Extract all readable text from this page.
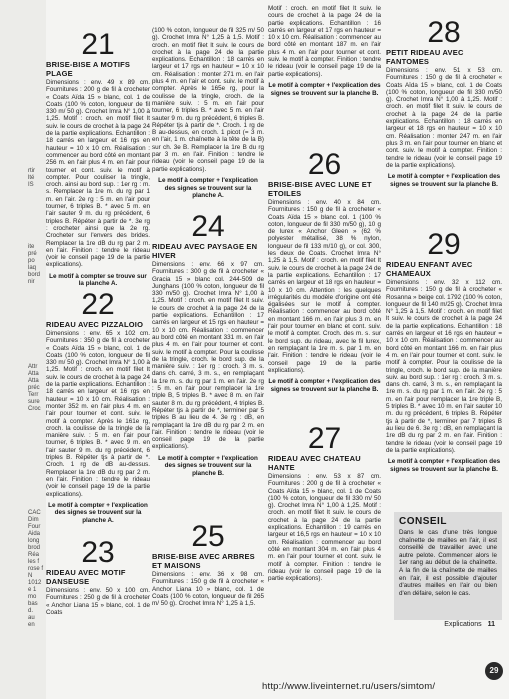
rtir
lté
IS
ite
pré
po
laq
bord
nir
Attr
Atta
Atta
préc
Terr
sure
Croc
CAC
Dim
Four
Aida
long
brod
Réa
les f
rose f
N
1012
e 1
mo
bas
d.
au
en
21
BRISE-BISE A MOTIFS PLAGE

Dimensions : env. 49 x 89 cm. Fournitures : 200 g de fil à crocheter « Coats Aïda 15 » blanc, col. 1 de Coats (100 % coton, longueur de fil 330 m/ 50 g). Crochet Imra N° 1,00 à 1,25. Motif : croch. en motif filet lt suiv. le cours de crochet à la page 24 de la partie explications. Echantillon : 18 carrés en largeur et 16 rgs en hauteur = 10 x 10 cm. Réalisation : commencer au bord côté en montant 256 m. en l'air plus 4 m. en l'air pour tourner et cont. suiv. le motif à compter. Pour couliser la tringle, croch. ainsi au bord sup. : 1er rg : m. s. Remplacer la 1re m. du rg par 1 m. en l'air. 2e rg : 5 m. en l'air pour tourner, 6 triples B. * avec 5 m. en l'air sauter 9 m. du rg précédent, 6 triples B. Répéter à partir de *. 3e rg : crocheter ainsi que la 2e rg. Crocheter sur l'envers des brides. Remplacer la 1re dB du rg par 2 m. en l'air. Finition : tendre le rideau (voir le conseil page 19 de la partie explications).

Le motif à compter se trouve sur la planche A.
22
RIDEAU AVEC PIZZALOIO

Dimensions : env. 65 x 102 cm. Fournitures : 350 g de fil à crocheter « Coats Aïda 15 » blanc, col. 1 de Coats (100 % coton, longueur de fil 330 m/ 50 g). Crochet Imra N° 1,00 à 1,25. Motif : croch. en motif filet lt suiv. le cours de crochet à la page 24 de la partie explications. Echantillon : 18 carrés en largeur et 16 rgs en hauteur = 10 x 10 cm. Réalisation : monter 352 m. en l'air plus 4 m. en l'air pour tourner et cont. suiv. le motif à compter. Après le 161e rg, croch. la coulisse de la tringle de la manière suiv. : 5 m. en l'air pour tourner, 6 triples B. * avec 9 m. en l'air sauter 9 m. du rg précédent, 6 triples B. Répéter tjs à partir de *. Croch. 1 rg de dB au-dessus. Remplacer la 1re dB du rg par 2 m. en l'air. Finition : tendre le rideau (voir le conseil page 19 de la partie explications).

Le motif à compter + l'explication des signes se trouvent sur la planche A.
23
RIDEAU AVEC MOTIF DANSEUSE

Dimensions : env. 50 x 100 cm. Fournitures : 250 g de fil à crocheter « Anchor Liana 15 » blanc, col. 1 de Coats

(100 % coton, longueur de fil 325 m/ 50 g). Crochet Imra N° 1,25 à 1,5. Motif : croch. en motif filet lt suiv. le cours de crochet à la page 24 de la partie explications. Echantillon : 18 carrés en largeur et 17 rgs en hauteur = 10 x 10 cm. Réalisation : monter 271 m. en l'air plus 4 m. en l'air et cont. suiv. le motif à compter. Après le 165e rg, pour la coulisse de la tringle, croch. de la manière suiv. : 5 m. en l'air pour tourner, 6 triples B. * avec 5 m. en l'air sauter 9 m. du rg précédent, 6 triples B. Répéter tjs à partir de *. Croch. 1 rg de B au-dessus, en croch. 1 picot (= 3 m. en l'air, 1 m. chaînette à la tête de la B) sur ch. 3e B. Remplacer la 1re B du rg par 3 m. en l'air. Finition : tendre le rideau (voir le conseil page 19 de la partie explications).

Le motif à compter + l'explication des signes se trouvent sur la planche A.
24
RIDEAU AVEC PAYSAGE EN HIVER

Dimensions : env. 66 x 97 cm. Fournitures : 300 g de fil à crocheter « Gracia 15 » blanc col. 244-509 de Junghans (100 % coton, longueur de fil 330 m/50 g). Crochet Imra N° 1,00 à 1,25. Motif : croch. en motif filet lt suiv. le cours de crochet à la page 24 de la partie explications. Echantillon : 17 carrés en largeur et 15 rgs en hauteur = 10 x 10 cm. Réalisation : commencer au bord côté en montant 331 m. en l'air plus 4 m. en l'air pour tourner et cont. suiv. le motif à compter. Pour la coulisse de la tringle, croch. le bord sup. de la manière suiv. : 1er rg : croch. 3 m. s. dans ch. carré, 3 m. s., en remplaçant la 1re m. s. du rg par 1 m. en l'air. 2e rg : 5 m. en l'air pour remplacer la 1re triple B, 5 triples B. * avec 8 m. en l'air sauter 8 m. du rg précédent, 4 triples B. Répéter tjs à partir de *, terminer par 5 triples B au lieu de 4. 3e rg : dB, en remplaçant la 1re dB du rg par 2 m. en l'air. Finition : tendre le rideau (voir le conseil page 19 de la partie explications).

Le motif à compter + l'explication des signes se trouvent sur la planche B.
25
BRISE-BISE AVEC ARBRES ET MAISONS

Dimensions : env. 36 x 98 cm. Fournitures : 150 g de fil à crocheter « Anchor Liana 10 » blanc, col. 1 de Coats (100 % coton, longueur de fil 265 m/ 50 g). Crochet Imra N° 1,25 à 1,5.

Motif : croch. en motif filet lt suiv. le cours de crochet à la page 24 de la partie explications. Echantillon : 16 carrés en largeur et 17 rgs en hauteur = 10 x 10 cm. Réalisation : commencer au bord côté en montant 187 m. en l'air plus 4 m. en l'air pour tourner et cont. suiv. le motif à compter. Finition : tendre le rideau (voir le conseil page 19 de la partie explications).

Le motif à compter + l'explication des signes se trouvent sur la planche B.
26
BRISE-BISE AVEC LUNE ET ETOILES

Dimensions : env. 40 x 84 cm. Fournitures : 150 g de fil à crocheter « Coats Aïda 15 » blanc col. 1 (100 % coton, longueur de fil 330 m/50 g), 10 g de lurex « Anchor Gleen » (62 % polyester métallisé, 38 % nylon, longueur de fil 133 m/10 g), or col. 300, les deux de Coats. Crochet Imra N° 1,25 à 1,5. Motif : croch. en motif filet lt suiv. le cours de crochet à la page 24 de la partie explications. Echantillon : 17 carrés en largeur et 18 rgs en hauteur = 10 x 10 cm. Attention : les quelques irrégularités du modèle d'origine ont été égalisées sur le motif à compter. Réalisation : commencer au bord côté en montant 166 m. en l'air plus 3 m. en l'air pour tourner en blanc et cont. suiv. le motif à compter. Croch. des m. s. sur le bord sup. du rideau, avec le fil lurex, en remplaçant la 1re m. s. par 1 m. en l'air. Finition : tendre le rideau (voir le conseil page 19 de la partie explications).

Le motif à compter + l'explication des signes se trouvent sur la planche B.
27
RIDEAU AVEC CHATEAU HANTE

Dimensions : env. 53 x 87 cm. Fournitures : 200 g de fil à crocheter « Coats Aïda 15 » blanc, col. 1 de Coats (100 % coton, longueur de fil 330 m/ 50 g). Crochet Imra N° 1,00 à 1,25. Motif : croch. en motif filet lt suiv. le cours de crochet à la page 24 de la partie explications. Echantillon : 19 carrés en largeur et 16,5 rgs en hauteur = 10 x 10 cm. Réalisation : commencer au bord côté en montant 304 m. en l'air plus 4 m. en l'air pour tourner et cont. suiv. le motif à compter. Finition : tendre le rideau (voir le conseil page 19 de la partie explications).

28
PETIT RIDEAU AVEC FANTOMES

Dimensions : env. 51 x 53 cm. Fournitures : 150 g de fil à crocheter « Coats Aïda 15 » blanc, col. 1 de Coats (100 % coton, longueur de fil 330 m/50 g). Crochet Imra N° 1,00 à 1,25. Motif : croch. en motif filet lt suiv. le cours de crochet à la page 24 de la partie explications. Echantillon : 18 carrés en largeur et 18 rgs en hauteur = 10 x 10 cm. Réalisation : monter 247 m. en l'air plus 3 m. en l'air pour tourner en blanc et cont. suiv. le motif à compter. Finition : tendre le rideau (voir le conseil page 19 de la partie explications).

Le motif à compter + l'explication des signes se trouvent sur la planche B.
29
RIDEAU ENFANT AVEC CHAMEAUX

Dimensions : env. 32 x 112 cm. Fournitures : 150 g de fil à crocheter « Rosanna » beige col. 1792 (100 % coton, longueur de fil 140 m/25 g). Crochet Imra N° 1,25 à 1,5. Motif : croch. en motif filet lt suiv. le cours de crochet à la page 24 de la partie explications. Echantillon : 18 carrés en largeur et 16 rgs en hauteur = 10 x 10 cm. Réalisation : commencer au bord côté en montant 166 m. en l'air plus 4 m. en l'air pour tourner et cont. suiv. le motif à compter. Pour la coulisse de la tringle, croch. le bord sup. de la manière suiv. au bord sup. : 1er rg : croch. 3 m. s. dans ch. carré, 3 m. s., en remplaçant la 1re m. s. du rg par 1 m. en l'air. 2e rg : 5 m. en l'air pour remplacer la 1re triple B, 5 triples B. * avec 10 m. en l'air sauter 10 m. du rg précédent, 6 triples B. Répéter tjs à partir de *, terminer par 7 triples B au lieu de 6. 3e rg : dB, en remplaçant la 1re dB du rg par 2 m. en l'air. Finition : tendre le rideau (voir le conseil page 19 de la partie explications).

Le motif à compter + l'explication des signes se trouvent sur la planche B.
CONSEIL

Dans le cas d'une très longue chaînette de mailles en l'air, il est conseillé de travailler avec une autre pelote. Commencer alors le 1er rang au début de la chaînette. A la fin de la chaînette de mailles en l'air, il est possible d'ajouter d'autres mailles en l'air ou bien d'en défaire, selon le cas.

Explications 11
29
http://www.liveinternet.ru/users/simtom/
